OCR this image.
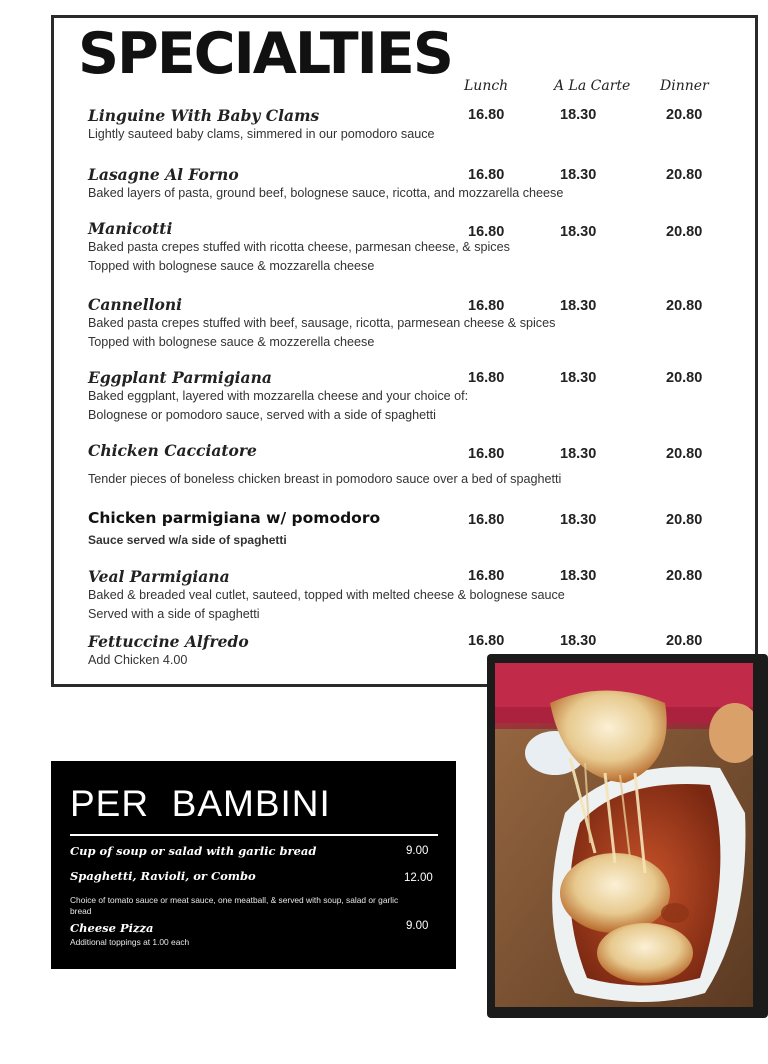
SPECIALTIES Lunch	A La Carte Dinner
Linguine With Baby Clams
Lightly sauteed baby clams, simmered in our pomodoro sauce
16.80	18.30	20.80
Lasagne Al Forno
Baked layers of pasta, ground beef, bolognese sauce, ricotta, and mozzarella cheese
16.80	18.30	20.80
Manicotti
Baked pasta crepes stuffed with ricotta cheese, parmesan cheese, & spices
Topped with bolognese sauce & mozzarella cheese
16.80	18.30	20.80
Cannelloni
Baked pasta crepes stuffed with beef, sausage, ricotta, parmesean cheese & spices
Topped with bolognese sauce & mozzerella cheese
16.80	18.30	20.80
Eggplant Parmigiana
Baked eggplant, layered with mozzarella cheese and your choice of:
Bolognese or pomodoro sauce, served with a side of spaghetti
16.80	18.30	20.80
Chicken Cacciatore
Tender pieces of boneless chicken breast in pomodoro sauce over a bed of spaghetti
16.80	18.30	20.80
Chicken parmigiana w/ pomodoro
Sauce served w/a side of spaghetti
16.80	18.30	20.80
Veal Parmigiana
Baked & breaded veal cutlet, sauteed, topped with melted cheese & bolognese sauce
Served with a side of spaghetti
16.80	18.30	20.80
Fettuccine Alfredo
Add Chicken 4.00
16.80	18.30	20.80
PER  BAMBINI
Cup of soup or salad with garlic bread	9.00
Spaghetti, Ravioli, or Combo	12.00
Choice of tomato sauce or meat sauce, one meatball, & served with soup, salad or garlic bread
Cheese Pizza	9.00
Additional toppings at 1.00 each
